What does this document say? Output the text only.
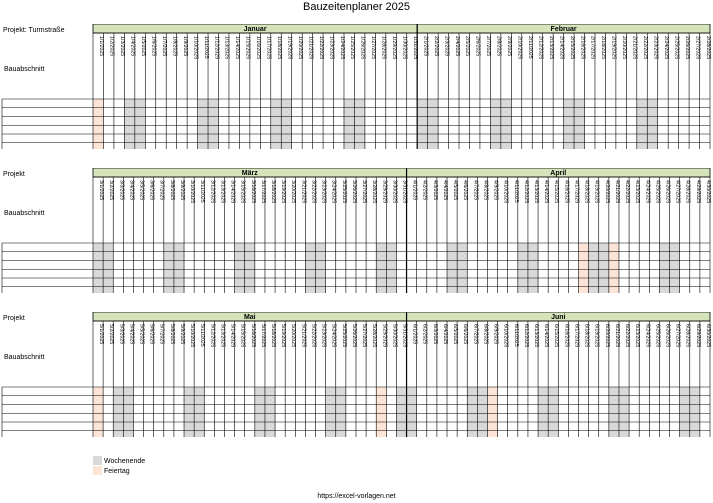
Bauzeitenplaner 2025
Projekt: Turmstraße
Bauabschnitt
Januar
1/1/2025 1/2/2025 1/3/2025 1/4/2025 1/5/2025 1/6/2025 1/7/2025 1/8/2025 1/9/2025 1/10/2025 1/11/2025 1/12/2025 1/13/2025 1/14/2025 1/15/2025 1/16/2025 1/17/2025 1/18/2025 1/19/2025 1/20/2025 1/21/2025 1/22/2025 1/23/2025 1/24/2025 1/25/2025 1/26/2025 1/27/2025 1/28/2025 1/29/2025 1/30/2025 1/31/2025
Februar
2/1/2025 2/2/2025 2/3/2025 2/4/2025 2/5/2025 2/6/2025 2/7/2025 2/8/2025 2/9/2025 2/10/2025 2/11/2025 2/12/2025 2/13/2025 2/14/2025 2/15/2025 2/16/2025 2/17/2025 2/18/2025 2/19/2025 2/20/2025 2/21/2025 2/22/2025 2/23/2025 2/24/2025 2/25/2025 2/26/2025 2/27/2025 2/28/2025
Projekt
Bauabschnitt
März
3/1/2025 3/2/2025 3/3/2025 3/4/2025 3/5/2025 3/6/2025 3/7/2025 3/8/2025 3/9/2025 3/10/2025 3/11/2025 3/12/2025 3/13/2025 3/14/2025 3/15/2025 3/16/2025 3/17/2025 3/18/2025 3/19/2025 3/20/2025 3/21/2025 3/22/2025 3/23/2025 3/24/2025 3/25/2025 3/26/2025 3/27/2025 3/28/2025 3/29/2025 3/30/2025 3/31/2025
April
4/1/2025 4/2/2025 4/3/2025 4/4/2025 4/5/2025 4/6/2025 4/7/2025 4/8/2025 4/9/2025 4/10/2025 4/11/2025 4/12/2025 4/13/2025 4/14/2025 4/15/2025 4/16/2025 4/17/2025 4/18/2025 4/19/2025 4/20/2025 4/21/2025 4/22/2025 4/23/2025 4/24/2025 4/25/2025 4/26/2025 4/27/2025 4/28/2025 4/29/2025 4/30/2025
Projekt
Bauabschnitt
Mai
5/1/2025 5/2/2025 5/3/2025 5/4/2025 5/5/2025 5/6/2025 5/7/2025 5/8/2025 5/9/2025 5/10/2025 5/11/2025 5/12/2025 5/13/2025 5/14/2025 5/15/2025 5/16/2025 5/17/2025 5/18/2025 5/19/2025 5/20/2025 5/21/2025 5/22/2025 5/23/2025 5/24/2025 5/25/2025 5/26/2025 5/27/2025 5/28/2025 5/29/2025 5/30/2025 5/31/2025
Juni
6/1/2025 6/2/2025 6/3/2025 6/4/2025 6/5/2025 6/6/2025 6/7/2025 6/8/2025 6/9/2025 6/10/2025 6/11/2025 6/12/2025 6/13/2025 6/14/2025 6/15/2025 6/16/2025 6/17/2025 6/18/2025 6/19/2025 6/20/2025 6/21/2025 6/22/2025 6/23/2025 6/24/2025 6/25/2025 6/26/2025 6/27/2025 6/28/2025 6/29/2025 6/30/2025
Wochenende
Feiertag
https://excel-vorlagen.net
